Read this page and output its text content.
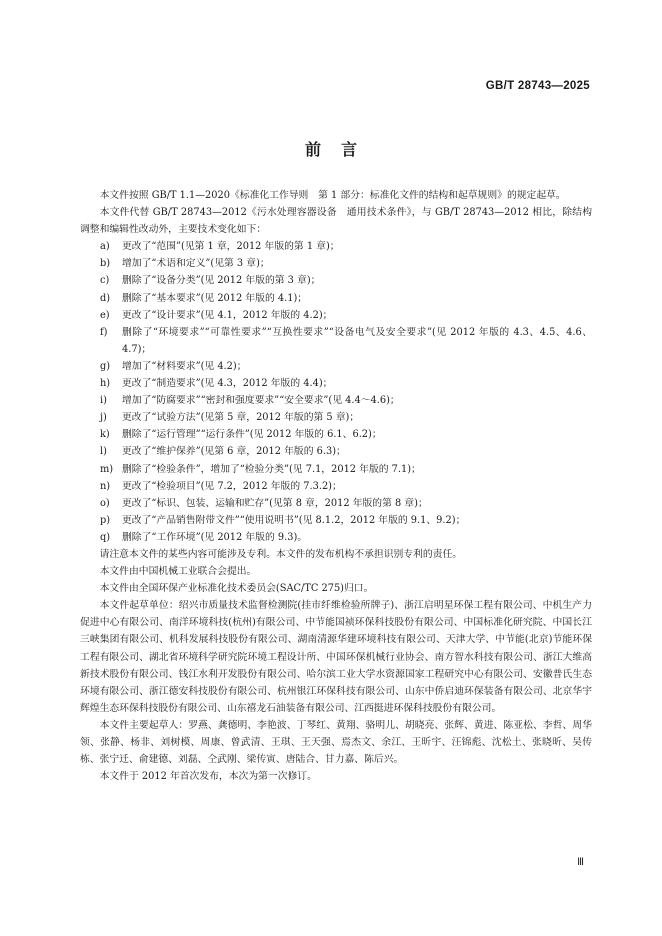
GB/T 28743—2025
前言

本文件按照 GB/T 1.1—2020《标准化工作导则　第 1 部分：标准化文件的结构和起草规则》的规定起草。

本文件代替 GB/T 28743—2012《污水处理容器设备　通用技术条件》，与 GB/T 28743—2012 相比，除结构调整和编辑性改动外，主要技术变化如下：

a)	更改了“范围”(见第 1 章，2012 年版的第 1 章)；
b)	增加了“术语和定义”(见第 3 章)；
c)	删除了“设备分类”(见 2012 年版的第 3 章)；
d)	删除了“基本要求”(见 2012 年版的 4.1)；
e)	更改了“设计要求”(见 4.1，2012 年版的 4.2)；
f)	删除了“环境要求”“可靠性要求”“互换性要求”“设备电气及安全要求”(见 2012 年版的 4.3、4.5、4.6、4.7)；
g)	增加了“材料要求”(见 4.2)；
h)	更改了“制造要求”(见 4.3，2012 年版的 4.4)；
i)	增加了“防腐要求”“密封和强度要求”“安全要求”(见 4.4～4.6)；
j)	更改了“试验方法”(见第 5 章，2012 年版的第 5 章)；
k)	删除了“运行管理”“运行条件”(见 2012 年版的 6.1、6.2)；
l)	更改了“维护保养”(见第 6 章，2012 年版的 6.3)；
m) 删除了“检验条件”，增加了“检验分类”(见 7.1，2012 年版的 7.1)；
n)	更改了“检验项目”(见 7.2，2012 年版的 7.3.2)；
o)	更改了“标识、包装、运输和贮存”(见第 8 章，2012 年版的第 8 章)；
p)	更改了“产品销售附带文件”“使用说明书”(见 8.1.2，2012 年版的 9.1、9.2)；
q)	删除了“工作环境”(见 2012 年版的 9.3)。

请注意本文件的某些内容可能涉及专利。本文件的发布机构不承担识别专利的责任。

本文件由中国机械工业联合会提出。

本文件由全国环保产业标准化技术委员会(SAC/TC 275)归口。

本文件起草单位：绍兴市质量技术监督检测院(挂市纤维检验所牌子)、浙江启明星环保工程有限公司、中机生产力促进中心有限公司、南洋环境科技(杭州)有限公司、中节能国祯环保科技股份有限公司、中国标准化研究院、中国长江三峡集团有限公司、机科发展科技股份有限公司、湖南清源华建环境科技有限公司、天津大学、中节能(北京)节能环保工程有限公司、湖北省环境科学研究院环境工程设计所、中国环保机械行业协会、南方智水科技有限公司、浙江大维高新技术股份有限公司、钱江水利开发股份有限公司、哈尔滨工业大学水资源国家工程研究中心有限公司、安徽普氏生态环境有限公司、浙江德安科技股份有限公司、杭州银江环保科技有限公司、山东中侨启迪环保装备有限公司、北京华宇辉煌生态环保科技股份有限公司、山东禧龙石油装备有限公司、江西挺进环保科技股份有限公司。

本文件主要起草人：罗燕、龚德明、李艳波、丁琴红、黄翔、骆明儿、胡晓亮、张辉、黄进、陈亚松、李哲、周华领、张静、杨非、刘树模、周康、曾武清、王琪、王天强、焉杰文、余江、王昕宇、汪锦彪、沈松土、张晓昕、吴传栋、张宁迁、俞建德、刘磊、仝武刚、梁传寅、唐陆合、甘力嘉、陈后兴。

本文件于 2012 年首次发布，本次为第一次修订。

Ⅲ
